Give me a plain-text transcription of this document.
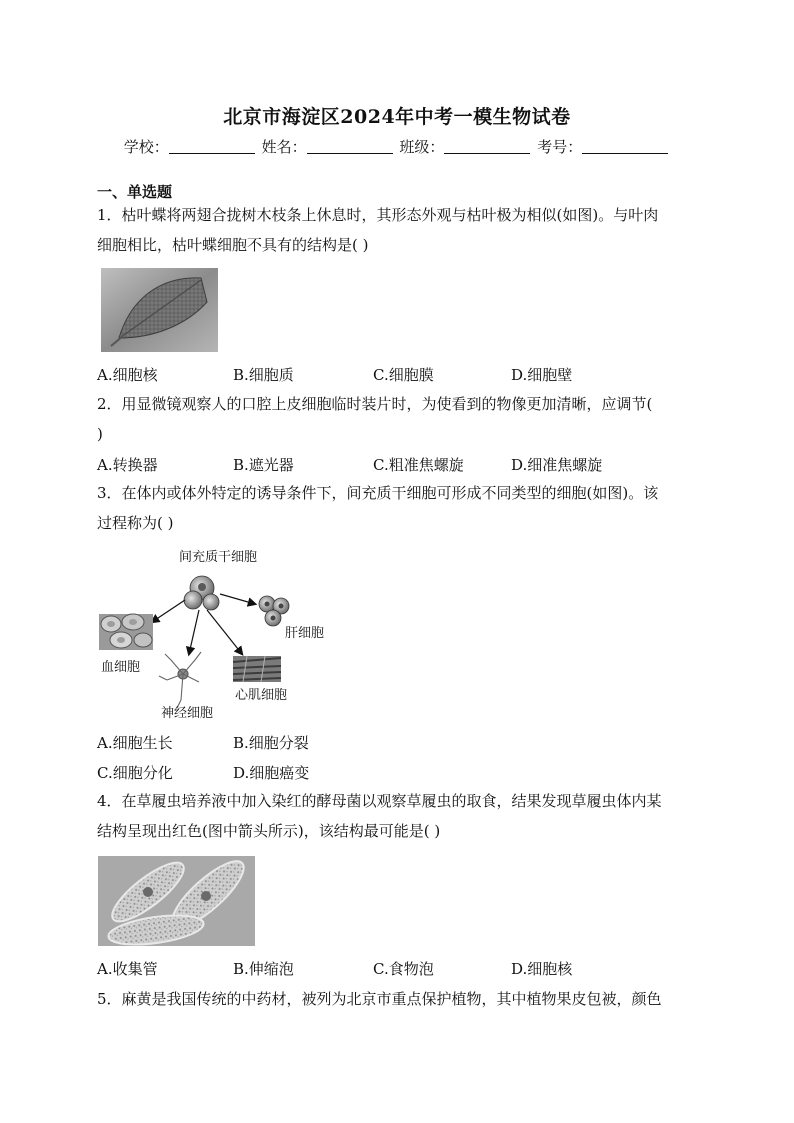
北京市海淀区2024年中考一模生物试卷
学校：	姓名：	班级：	考号：
一、单选题
1．枯叶蝶将两翅合拢树木枝条上休息时，其形态外观与枯叶极为相似(如图)。与叶肉
细胞相比，枯叶蝶细胞不具有的结构是( )
A.细胞核	B.细胞质	C.细胞膜	D.细胞壁
2．用显微镜观察人的口腔上皮细胞临时装片时，为使看到的物像更加清晰，应调节(
)
A.转换器	B.遮光器	C.粗准焦螺旋	D.细准焦螺旋
3．在体内或体外特定的诱导条件下，间充质干细胞可形成不同类型的细胞(如图)。该
过程称为( )
间充质干细胞
肝细胞
血细胞
心肌细胞
神经细胞
A.细胞生长	B.细胞分裂
C.细胞分化	D.细胞癌变
4．在草履虫培养液中加入染红的酵母菌以观察草履虫的取食，结果发现草履虫体内某
结构呈现出红色(图中箭头所示)，该结构最可能是( )
A.收集管	B.伸缩泡	C.食物泡	D.细胞核
5．麻黄是我国传统的中药材，被列为北京市重点保护植物，其中植物果皮包被，颜色
